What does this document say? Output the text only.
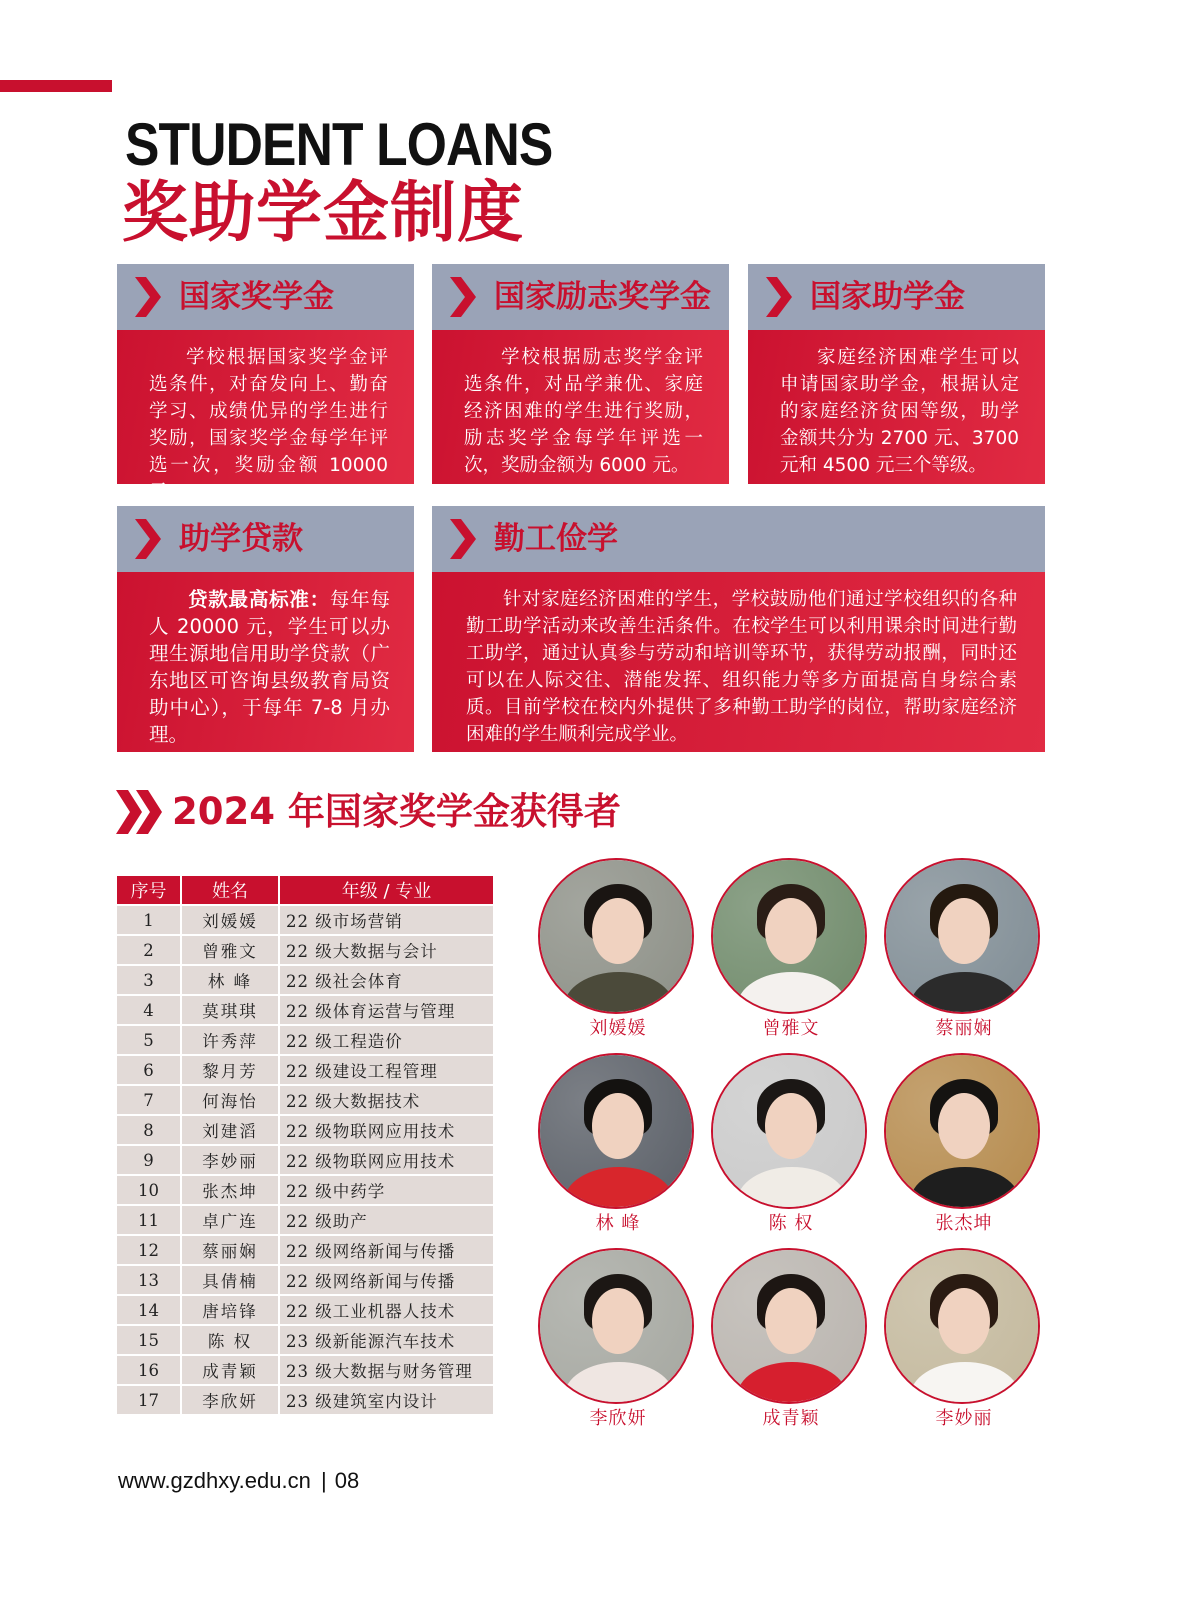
STUDENT LOANS
奖助学金制度
国家奖学金

学校根据国家奖学金评选条件，对奋发向上、勤奋学习、成绩优异的学生进行奖励，国家奖学金每学年评选一次，奖励金额 10000 元。

国家励志奖学金

学校根据励志奖学金评选条件，对品学兼优、家庭经济困难的学生进行奖励，励志奖学金每学年评选一次，奖励金额为 6000 元。

国家助学金

家庭经济困难学生可以申请国家助学金，根据认定的家庭经济贫困等级，助学金额共分为 2700 元、3700 元和 4500 元三个等级。

助学贷款

贷款最高标准：每年每人 20000 元，学生可以办理生源地信用助学贷款（广东地区可咨询县级教育局资助中心），于每年 7-8 月办理。

勤工俭学

针对家庭经济困难的学生，学校鼓励他们通过学校组织的各种勤工助学活动来改善生活条件。在校学生可以利用课余时间进行勤工助学，通过认真参与劳动和培训等环节，获得劳动报酬，同时还可以在人际交往、潜能发挥、组织能力等多方面提高自身综合素质。目前学校在校内外提供了多种勤工助学的岗位，帮助家庭经济困难的学生顺利完成学业。

2024 年国家奖学金获得者
序号	姓名	年级 / 专业
1	刘媛媛	22 级市场营销
2	曾雅文	22 级大数据与会计
3	林 峰	22 级社会体育
4	莫琪琪	22 级体育运营与管理
5	许秀萍	22 级工程造价
6	黎月芳	22 级建设工程管理
7	何海怡	22 级大数据技术
8	刘建滔	22 级物联网应用技术
9	李妙丽	22 级物联网应用技术
10	张杰坤	22 级中药学
11	卓广连	22 级助产
12	蔡丽娴	22 级网络新闻与传播
13	具倩楠	22 级网络新闻与传播
14	唐培锋	22 级工业机器人技术
15	陈 权	23 级新能源汽车技术
16	成青颖	23 级大数据与财务管理
17	李欣妍	23 级建筑室内设计
刘媛媛	曾雅文	蔡丽娴
林 峰	陈 权	张杰坤
李欣妍	成青颖	李妙丽
www.gzdhxy.edu.cn | 08
